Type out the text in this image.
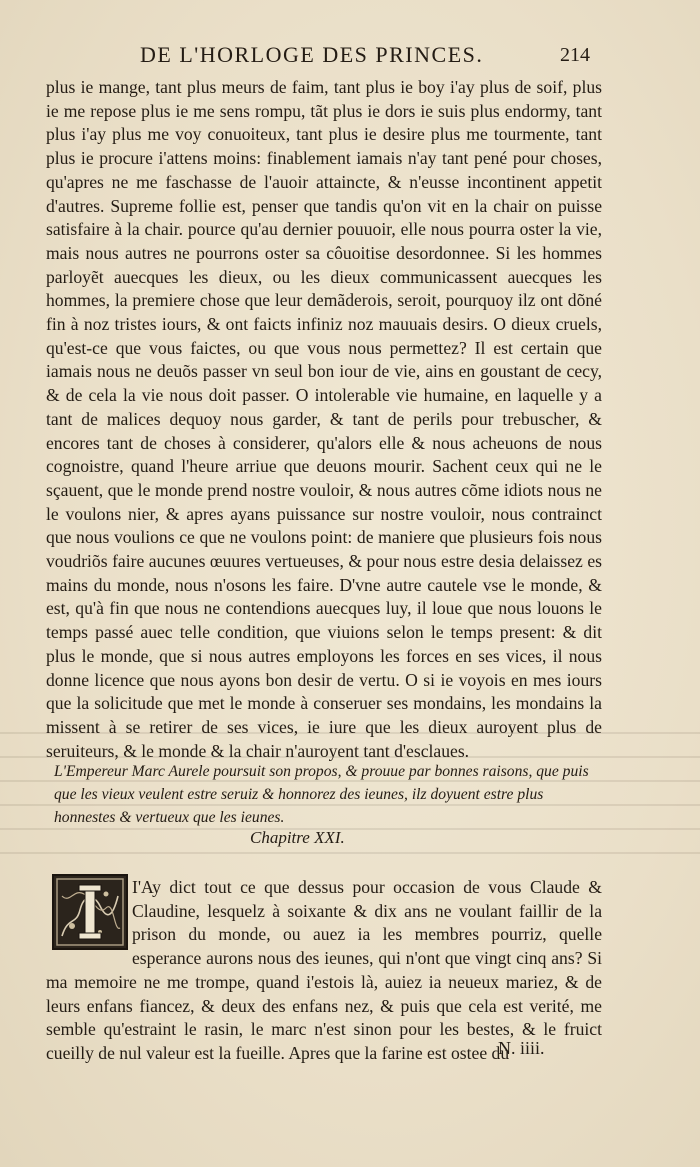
DE L'HORLOGE DES PRINCES.	214

plus ie mange, tant plus meurs de faim, tant plus ie boy i'ay plus de soif, plus ie me repose plus ie me sens rompu, tãt plus ie dors ie suis plus endormy, tant plus i'ay plus me voy conuoiteux, tant plus ie desire plus me tourmente, tant plus ie procure i'attens moins: finablement iamais n'ay tant pené pour choses, qu'apres ne me faschasse de l'auoir attaincte, & n'eusse incontinent appetit d'autres. Supreme follie est, penser que tandis qu'on vit en la chair on puisse satisfaire à la chair. pource qu'au dernier pouuoir, elle nous pourra oster la vie, mais nous autres ne pourrons oster sa côuoitise desordonnee. Si les hommes parloyẽt auecques les dieux, ou les dieux communicassent auecques les hommes, la premiere chose que leur demãderois, seroit, pourquoy ilz ont dõné fin à noz tristes iours, & ont faicts infiniz noz mauuais desirs. O dieux cruels, qu'est-ce que vous faictes, ou que vous nous permettez? Il est certain que iamais nous ne deuõs passer vn seul bon iour de vie, ains en goustant de cecy, & de cela la vie nous doit passer. O intolerable vie humaine, en laquelle y a tant de malices dequoy nous garder, & tant de perils pour trebuscher, & encores tant de choses à considerer, qu'alors elle & nous acheuons de nous cognoistre, quand l'heure arriue que deuons mourir. Sachent ceux qui ne le sçauent, que le monde prend nostre vouloir, & nous autres cõme idiots nous ne le voulons nier, & apres ayans puissance sur nostre vouloir, nous contrainct que nous voulions ce que ne voulons point: de maniere que plusieurs fois nous voudriõs faire aucunes œuures vertueuses, & pour nous estre desia delaissez es mains du monde, nous n'osons les faire. D'vne autre cautele vse le monde, & est, qu'à fin que nous ne contendions auecques luy, il loue que nous louons le temps passé auec telle condition, que viuions selon le temps present: & dit plus le monde, que si nous autres employons les forces en ses vices, il nous donne licence que nous ayons bon desir de vertu. O si ie voyois en mes iours que la solicitude que met le monde à conseruer ses mondains, les mondains la missent à se retirer de ses vices, ie iure que les dieux auroyent plus de seruiteurs, & le monde & la chair n'auroyent tant d'esclaues.

L'Empereur Marc Aurele poursuit son propos, & prouue par bonnes raisons, que puis que les vieux veulent estre seruiz & honnorez des ieunes, ilz doyuent estre plus honnestes & vertueux que les ieunes.

Chapitre XXI.

I'Ay dict tout ce que dessus pour occasion de vous Claude & Claudine, lesquelz à soixante & dix ans ne voulant faillir de la prison du monde, ou auez ia les membres pourriz, quelle esperance aurons nous des ieunes, qui n'ont que vingt cinq ans? Si ma memoire ne me trompe, quand i'estois là, auiez ia neueux mariez, & de leurs enfans fiancez, & deux des enfans nez, & puis que cela est verité, me semble qu'estraint le rasin, le marc n'est sinon pour les bestes, & le fruict cueilly de nul valeur est la fueille. Apres que la farine est ostee du

N. iiii.
